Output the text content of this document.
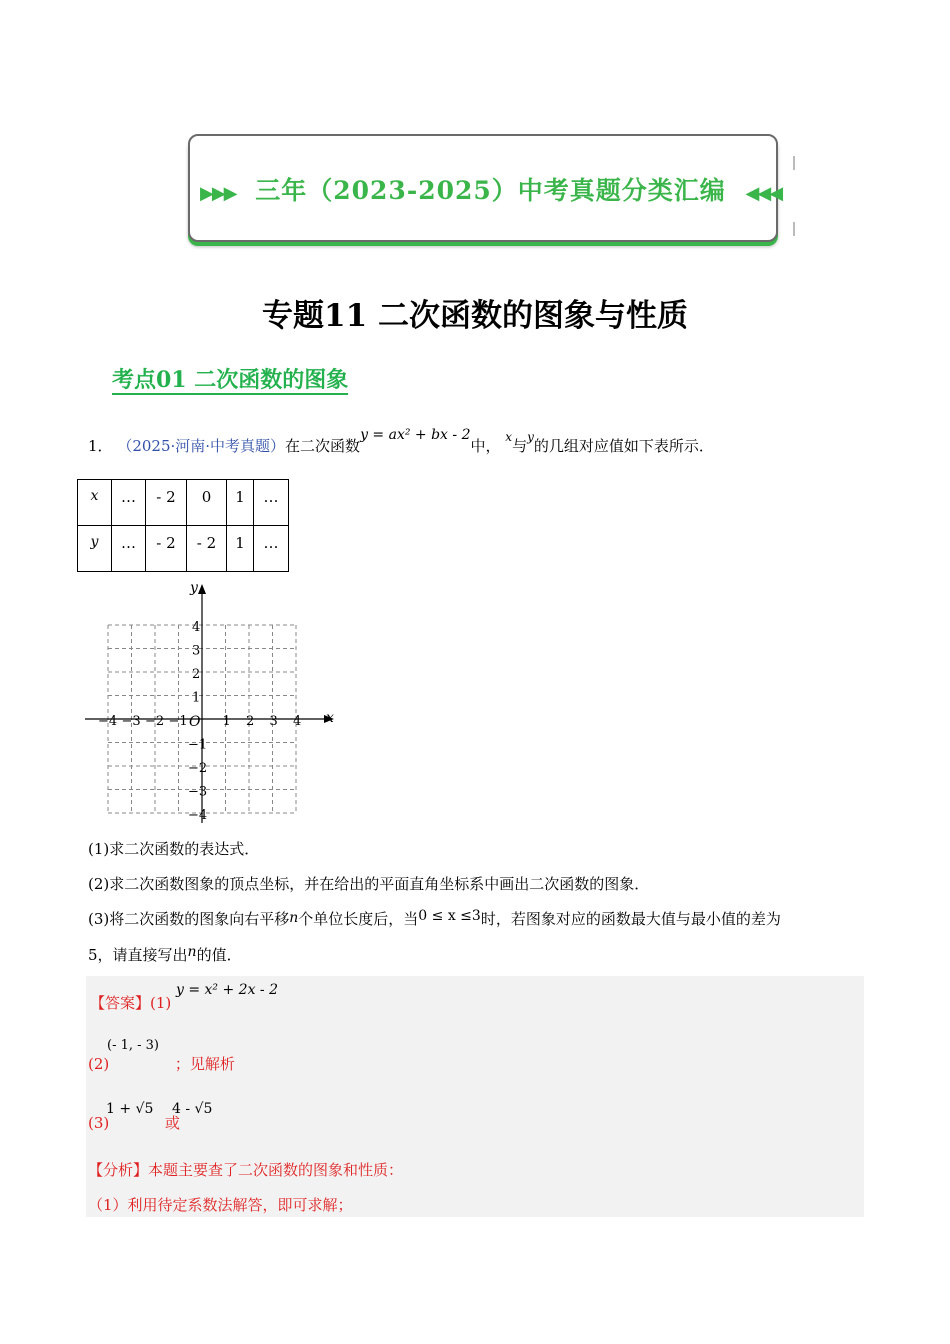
▶▶▶ 三年（2023-2025）中考真题分类汇编 ◀◀◀
专题11 二次函数的图象与性质
考点01 二次函数的图象
1． （2025·河南·中考真题）在二次函数y = ax² + bx - 2中， $^x$与$^y$的几组对应值如下表所示．
x	…	- 2	0	1	…
y	…	- 2	- 2	1	…
x
y
O
−4 −3 −2 −1	1 2 3 4
4
3
2
1
−1
−2
−3
−4
(1)求二次函数的表达式．
(2)求二次函数图象的顶点坐标，并在给出的平面直角坐标系中画出二次函数的图象．
(3)将二次函数的图象向右平移n个单位长度后，当0 ≤ x ≤3时，若图象对应的函数最大值与最小值的差为
5，请直接写出n的值．
【答案】(1)
y = x² + 2x - 2
(2)	；见解析
(- 1, - 3)
(3)	或
1 + √5 4 - √5
【分析】本题主要查了二次函数的图象和性质：
（1）利用待定系数法解答，即可求解；
